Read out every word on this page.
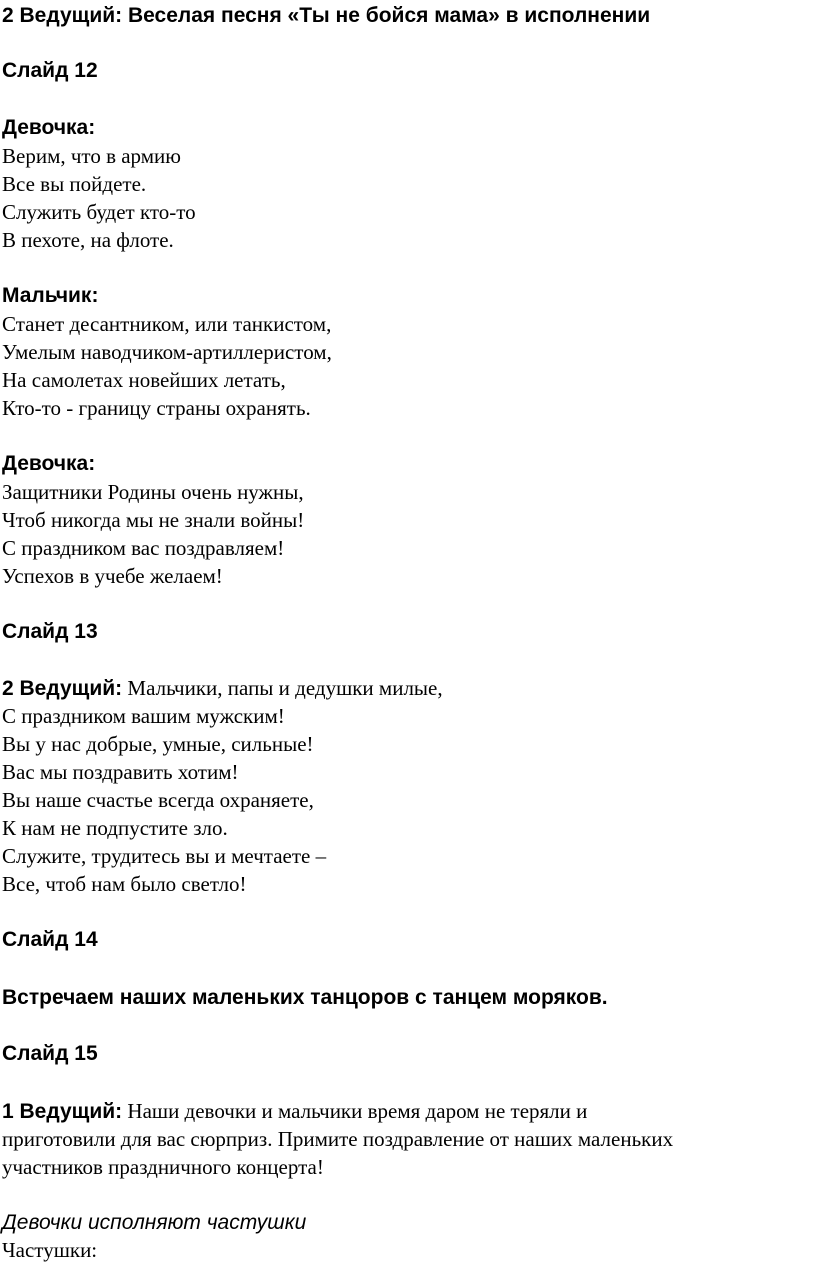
2 Ведущий: Веселая песня «Ты не бойся мама» в исполнении
Слайд 12
Девочка:
Верим, что в армию
Все вы пойдете.
Служить будет кто-то
В пехоте, на флоте.
Мальчик:
Станет десантником, или танкистом,
Умелым наводчиком-артиллеристом,
На самолетах новейших летать,
Кто-то - границу страны охранять.
Девочка:
Защитники Родины очень нужны,
Чтоб никогда мы не знали войны!
С праздником вас поздравляем!
Успехов в учебе желаем!
Слайд 13
2 Ведущий: Мальчики, папы и дедушки милые,
С праздником вашим мужским!
Вы у нас добрые, умные, сильные!
Вас мы поздравить хотим!
Вы наше счастье всегда охраняете,
К нам не подпустите зло.
Служите, трудитесь вы и мечтаете –
Все, чтоб нам было светло!
Слайд 14
Встречаем наших маленьких танцоров с танцем моряков.
Слайд 15
1 Ведущий: Наши девочки и мальчики время даром не теряли и
приготовили для вас сюрприз. Примите поздравление от наших маленьких
участников праздничного концерта!
Девочки исполняют частушки
Частушки:
